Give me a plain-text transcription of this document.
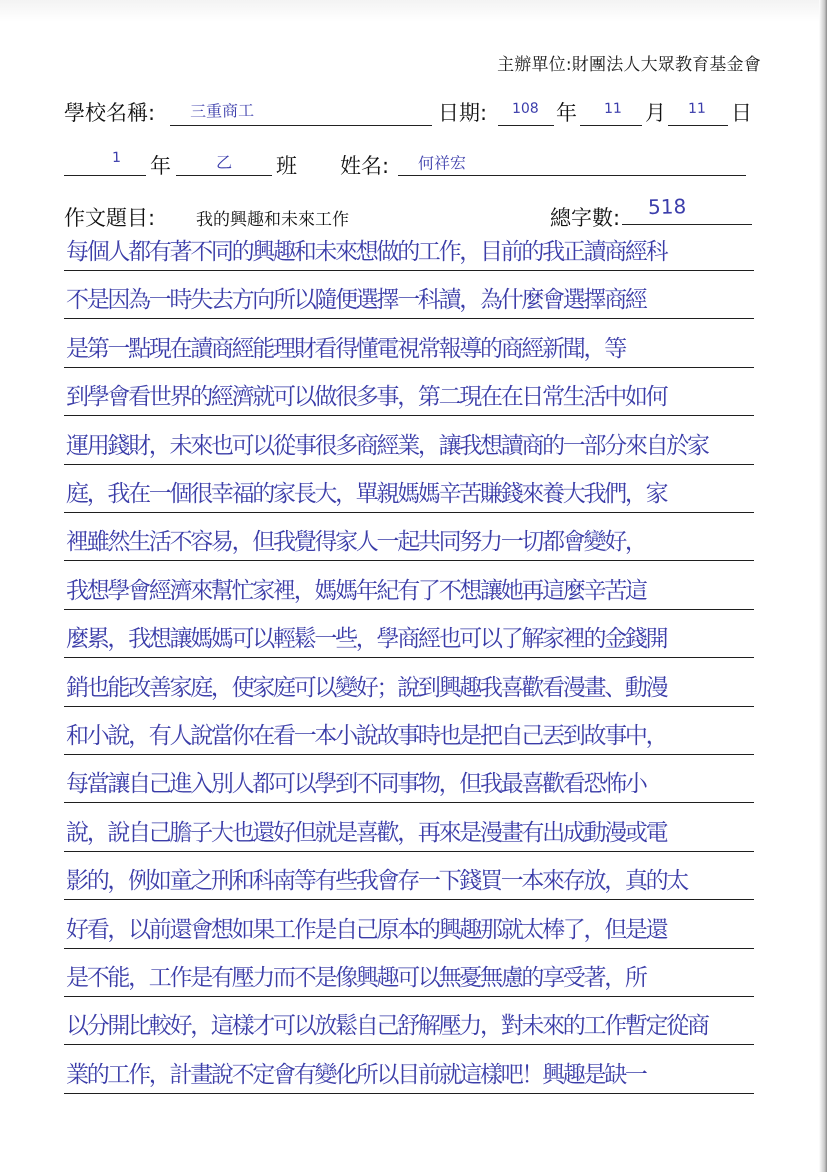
主辦單位:財團法人大眾教育基金會
學校名稱: 三重商工	日期: 108 年 11 月 11 日
1 年	乙 班 姓名: 何祥宏
作文題目: 我的興趣和未來工作	總字數: 518
每個人都有著不同的興趣和未來想做的工作，目前的我正讀商經科
不是因為一時失去方向所以隨便選擇一科讀，為什麼會選擇商經
是第一點現在讀商經能理財看得懂電視常報導的商經新聞，等
到學會看世界的經濟就可以做很多事，第二現在在日常生活中如何
運用錢財，未來也可以從事很多商經業，讓我想讀商的一部分來自於家
庭，我在一個很幸福的家長大，單親媽媽辛苦賺錢來養大我們，家
裡雖然生活不容易，但我覺得家人一起共同努力一切都會變好，
我想學會經濟來幫忙家裡，媽媽年紀有了不想讓她再這麼辛苦這
麼累，我想讓媽媽可以輕鬆一些，學商經也可以了解家裡的金錢開
銷也能改善家庭，使家庭可以變好；說到興趣我喜歡看漫畫、動漫
和小說，有人說當你在看一本小說故事時也是把自己丟到故事中，
每當讓自己進入別人都可以學到不同事物，但我最喜歡看恐怖小
說，說自己膽子大也還好但就是喜歡，再來是漫畫有出成動漫或電
影的，例如童之刑和科南等有些我會存一下錢買一本來存放，真的太
好看，以前還會想如果工作是自己原本的興趣那就太棒了，但是還
是不能，工作是有壓力而不是像興趣可以無憂無慮的享受著，所
以分開比較好，這樣才可以放鬆自己舒解壓力，對未來的工作暫定從商
業的工作，計畫說不定會有變化所以目前就這樣吧！興趣是缺一
